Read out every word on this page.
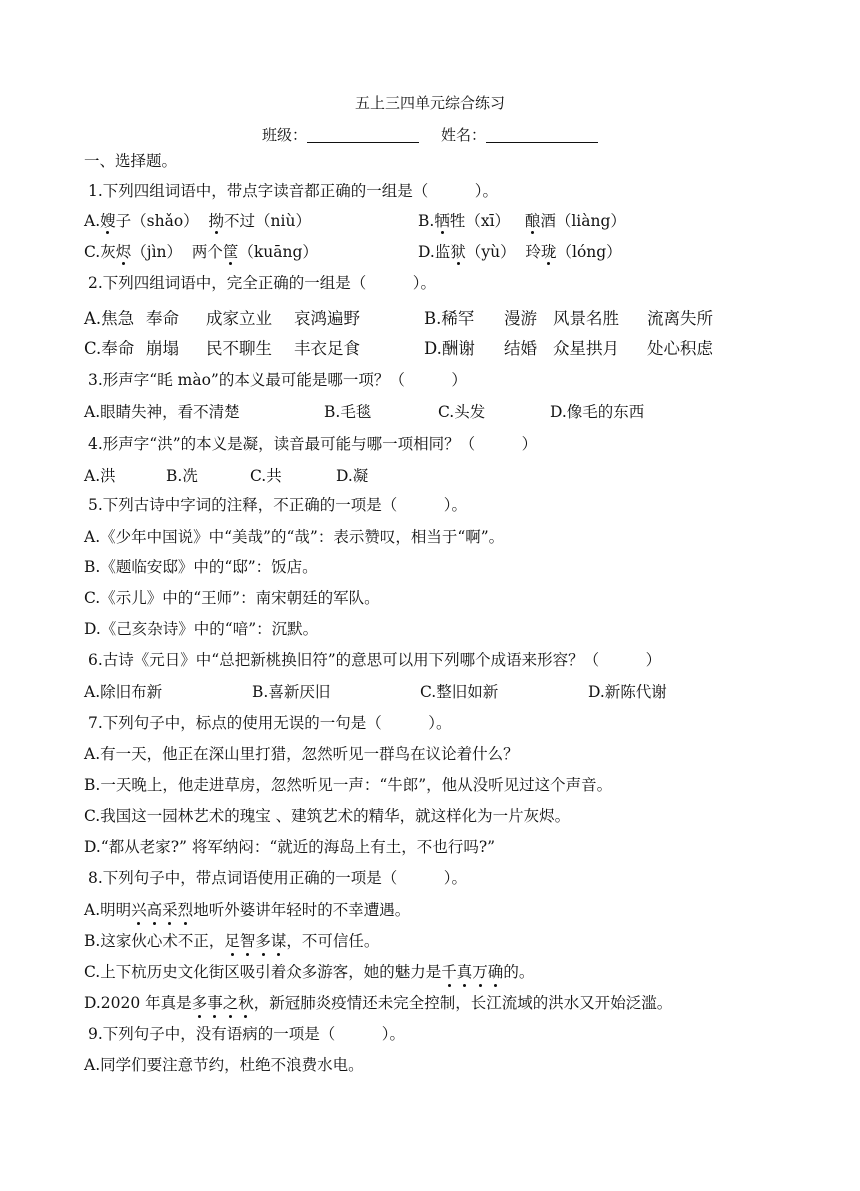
五上三四单元综合练习
班级：	姓名：
一、选择题。
1.下列四组词语中，带点字读音都正确的一组是（　　　）。
A.嫂子（shǎo） 拗不过（niù）	B.牺牲（xī） 酿酒（liàng）
C.灰烬（jìn） 两个筐（kuāng）	D.监狱（yù） 玲珑（lóng）
2.下列四组词语中，完全正确的一组是（　　　）。
A.焦急 奉命 成家立业 哀鸿遍野	B.稀罕 漫游 风景名胜 流离失所
C.奉命 崩塌 民不聊生 丰衣足食	D.酬谢 结婚 众星拱月 处心积虑
3.形声字“眊 mào”的本义最可能是哪一项？（　　　）
A.眼睛失神，看不清楚	B.毛毯	C.头发	D.像毛的东西
4.形声字“洪”的本义是凝，读音最可能与哪一项相同？（　　　）
A.洪	B.冼	C.共	D.凝
5.下列古诗中字词的注释，不正确的一项是（　　　）。
A.《少年中国说》中“美哉”的“哉”：表示赞叹，相当于“啊”。
B.《题临安邸》中的“邸”：饭店。
C.《示儿》中的“王师”：南宋朝廷的军队。
D.《己亥杂诗》中的“喑”：沉默。
6.古诗《元日》中“总把新桃换旧符”的意思可以用下列哪个成语来形容？（　　　）
A.除旧布新	B.喜新厌旧	C.整旧如新	D.新陈代谢
7.下列句子中，标点的使用无误的一句是（　　　）。
A.有一天，他正在深山里打猎，忽然听见一群鸟在议论着什么？
B.一天晚上，他走进草房，忽然听见一声：“牛郎”，他从没听见过这个声音。
C.我国这一园林艺术的瑰宝 、建筑艺术的精华，就这样化为一片灰烬。
D.“都从老家?” 将军纳闷：“就近的海岛上有土，不也行吗?”
8.下列句子中，带点词语使用正确的一项是（　　　）。
A.明明兴高采烈地听外婆讲年轻时的不幸遭遇。
B.这家伙心术不正，足智多谋，不可信任。
C.上下杭历史文化街区吸引着众多游客，她的魅力是千真万确的。
D.2020 年真是多事之秋，新冠肺炎疫情还未完全控制，长江流域的洪水又开始泛滥。
9.下列句子中，没有语病的一项是（　　　）。
A.同学们要注意节约，杜绝不浪费水电。
